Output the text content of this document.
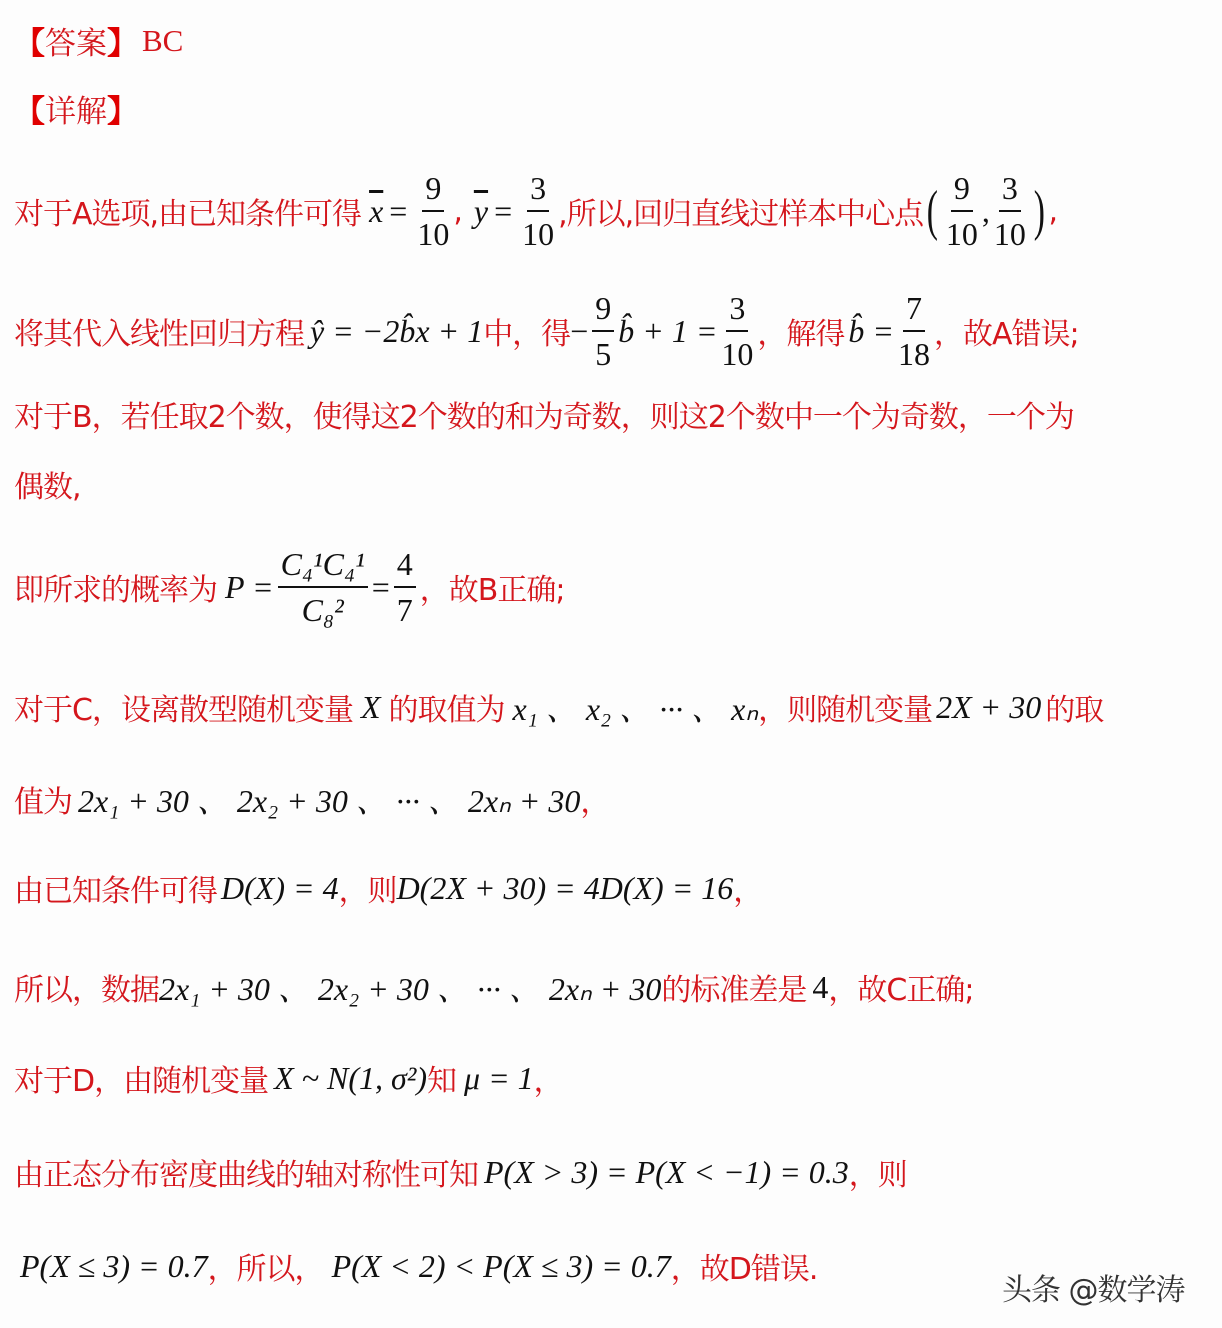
【 答案 】 BC
【 详解 】
对于A选项,由已知条件可得 $\overline{x} = \frac{9}{10}$ , $\overline{y} = \frac{3}{10}$ ,所以,回归直线过样本中心点 ( $\frac{9}{10}$ , $\frac{3}{10}$ ) ,
将其代入线性回归方程 ŷ = −2b̂x + 1 中，得 − $\frac{9}{5}$ b̂ + $1 = \frac{3}{10}$ ，解得 b̂ = $\frac{7}{18}$ ，故A错误;
对于B，若任取2个数，使得这2个数的和为奇数，则这2个数中一个为奇数，一个为
偶数,
即所求的概率为 $P = \frac{\text{C₄¹C₄¹}}{\text{C₈²}} = \frac{4}{7}$ ，故B正确;
对于C，设离散型随机变量 X 的取值为 x₁ 、 x₂ 、 ··· 、 xₙ ，则随机变量 2X + 30 的取
值为 2x₁ + 30 、 2x₂ + 30 、 ··· 、 2xₙ + 30 ，
由已知条件可得 D(X) = 4 ，则 D(2X + 30) = 4D(X) = 16 ，
所以，数据 2x₁ + 30 、 2x₂ + 30 、 ··· 、 2xₙ + 30 的标准差是 4 ，故C正确;
对于D，由随机变量 X ~ N(1, σ²) 知 μ = 1 ，
由正态分布密度曲线的轴对称性可知 P(X > 3) = P(X < −1) = 0.3 ，则
P(X ≤ 3) = 0.7 ，所以， P(X < 2) < P(X ≤ 3) = 0.7 ，故D错误.
头条 @数学涛
